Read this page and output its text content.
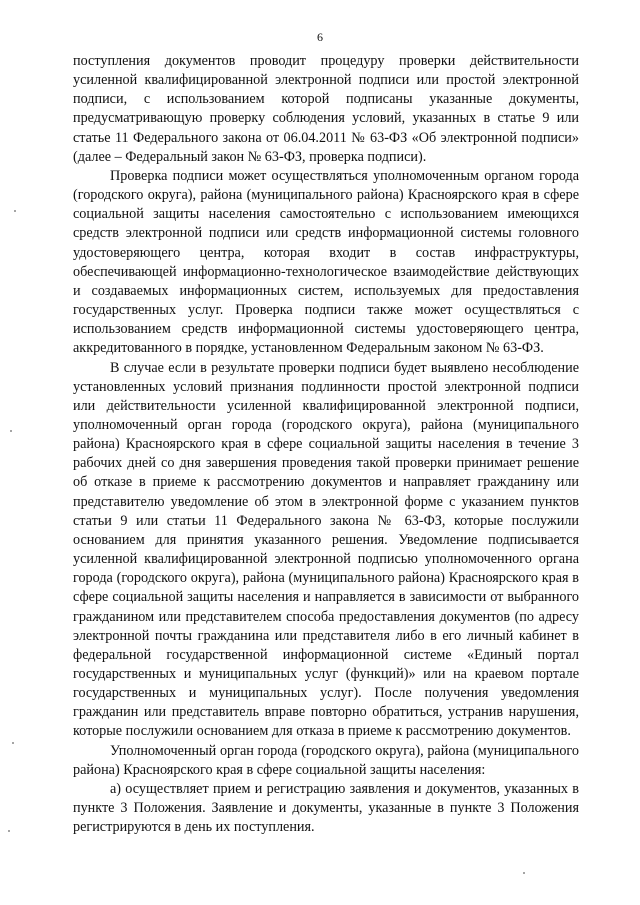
6

поступления документов проводит процедуру проверки действительности усиленной квалифицированной электронной подписи или простой электронной подписи, с использованием которой подписаны указанные документы, предусматривающую проверку соблюдения условий, указанных в статье 9 или статье 11 Федерального закона от 06.04.2011 № 63-ФЗ «Об электронной подписи» (далее – Федеральный закон № 63-ФЗ, проверка подписи).

Проверка подписи может осуществляться уполномоченным органом города (городского округа), района (муниципального района) Красноярского края в сфере социальной защиты населения самостоятельно с использованием имеющихся средств электронной подписи или средств информационной системы головного удостоверяющего центра, которая входит в состав инфраструктуры, обеспечивающей информационно-технологическое взаимодействие действующих и создаваемых информационных систем, используемых для предоставления государственных услуг. Проверка подписи также может осуществляться с использованием средств информационной системы удостоверяющего центра, аккредитованного в порядке, установленном Федеральным законом № 63-ФЗ.

В случае если в результате проверки подписи будет выявлено несоблюдение установленных условий признания подлинности простой электронной подписи или действительности усиленной квалифицированной электронной подписи, уполномоченный орган города (городского округа), района (муниципального района) Красноярского края в сфере социальной защиты населения в течение 3 рабочих дней со дня завершения проведения такой проверки принимает решение об отказе в приеме к рассмотрению документов и направляет гражданину или представителю уведомление об этом в электронной форме с указанием пунктов статьи 9 или статьи 11 Федерального закона № 63-ФЗ, которые послужили основанием для принятия указанного решения. Уведомление подписывается усиленной квалифицированной электронной подписью уполномоченного органа города (городского округа), района (муниципального района) Красноярского края в сфере социальной защиты населения и направляется в зависимости от выбранного гражданином или представителем способа предоставления документов (по адресу электронной почты гражданина или представителя либо в его личный кабинет в федеральной государственной информационной системе «Единый портал государственных и муниципальных услуг (функций)» или на краевом портале государственных и муниципальных услуг). После получения уведомления гражданин или представитель вправе повторно обратиться, устранив нарушения, которые послужили основанием для отказа в приеме к рассмотрению документов.

Уполномоченный орган города (городского округа), района (муниципального района) Красноярского края в сфере социальной защиты населения:

а) осуществляет прием и регистрацию заявления и документов, указанных в пункте 3 Положения. Заявление и документы, указанные в пункте 3 Положения регистрируются в день их поступления.
